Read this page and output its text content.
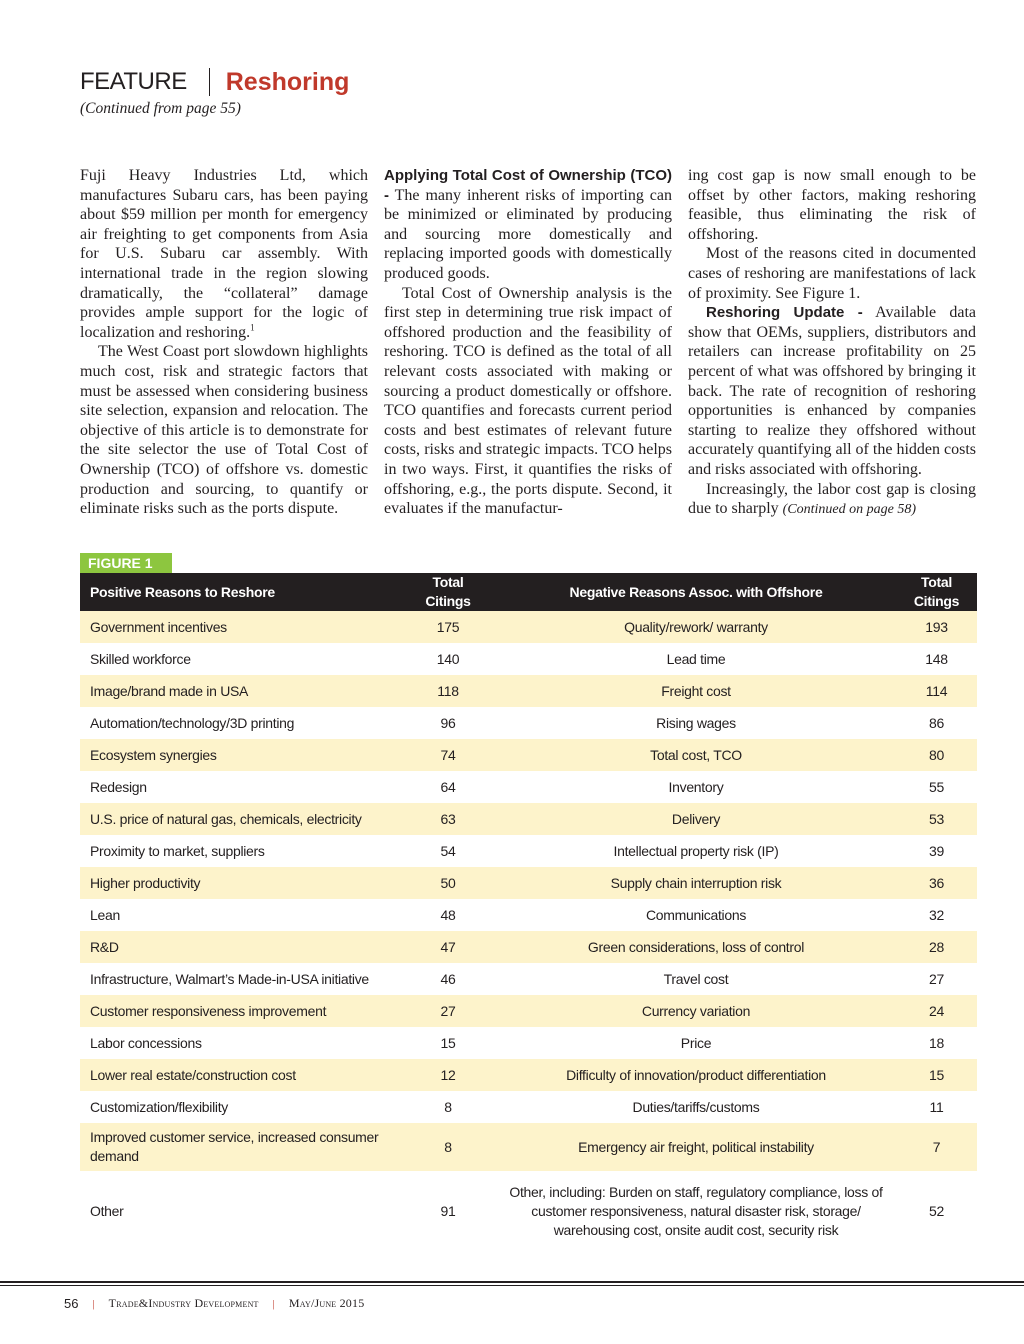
FEATURE Reshoring
(Continued from page 55)

Fuji Heavy Industries Ltd, which manufactures Subaru cars, has been paying about $59 million per month for emergency air freighting to get components from Asia for U.S. Subaru car assembly. With international trade in the region slowing dramatically, the “collateral” damage provides ample support for the logic of localization and reshoring.$^1$

The West Coast port slowdown highlights much cost, risk and strategic factors that must be assessed when considering business site selection, expansion and relocation. The objective of this article is to demonstrate for the site selector the use of Total Cost of Ownership (TCO) of offshore vs. domestic production and sourcing, to quantify or eliminate risks such as the ports dispute.

Applying Total Cost of Ownership (TCO) - The many inherent risks of importing can be minimized or eliminated by producing and sourcing more domestically and replacing imported goods with domestically produced goods.

Total Cost of Ownership analysis is the first step in determining true risk impact of offshored production and the feasibility of reshoring. TCO is defined as the total of all relevant costs associated with making or sourcing a product domestically or offshore. TCO quantifies and forecasts current period costs and best estimates of relevant future costs, risks and strategic impacts. TCO helps in two ways. First, it quantifies the risks of offshoring, e.g., the ports dispute. Second, it evaluates if the manufactur-

ing cost gap is now small enough to be offset by other factors, making reshoring feasible, thus eliminating the risk of offshoring.

Most of the reasons cited in documented cases of reshoring are manifestations of lack of proximity. See Figure 1.

Reshoring Update - Available data show that OEMs, suppliers, distributors and retailers can increase profitability on 25 percent of what was offshored by bringing it back. The rate of recognition of reshoring opportunities is enhanced by companies starting to realize they offshored without accurately quantifying all of the hidden costs and risks associated with offshoring.

Increasingly, the labor cost gap is closing due to sharply (Continued on page 58)

FIGURE 1
Positive Reasons to Reshore	Total Citings	Negative Reasons Assoc. with Offshore	Total Citings
Government incentives	175	Quality/rework/ warranty	193
Skilled workforce	140	Lead time	148
Image/brand made in USA	118	Freight cost	114
Automation/technology/3D printing	96	Rising wages	86
Ecosystem synergies	74	Total cost, TCO	80
Redesign	64	Inventory	55
U.S. price of natural gas, chemicals, electricity	63	Delivery	53
Proximity to market, suppliers	54	Intellectual property risk (IP)	39
Higher productivity	50	Supply chain interruption risk	36
Lean	48	Communications	32
R&D	47	Green considerations, loss of control	28
Infrastructure, Walmart’s Made-in-USA initiative	46	Travel cost	27
Customer responsiveness improvement	27	Currency variation	24
Labor concessions	15	Price	18
Lower real estate/construction cost	12	Difficulty of innovation/product differentiation	15
Customization/flexibility	8	Duties/tariffs/customs	11
Improved customer service, increased consumer demand	8	Emergency air freight, political instability	7
Other	91	Other, including: Burden on staff, regulatory compliance, loss of customer responsiveness, natural disaster risk, storage/ warehousing cost, onsite audit cost, security risk	52
56 | Trade&Industry Development | May/June 2015
